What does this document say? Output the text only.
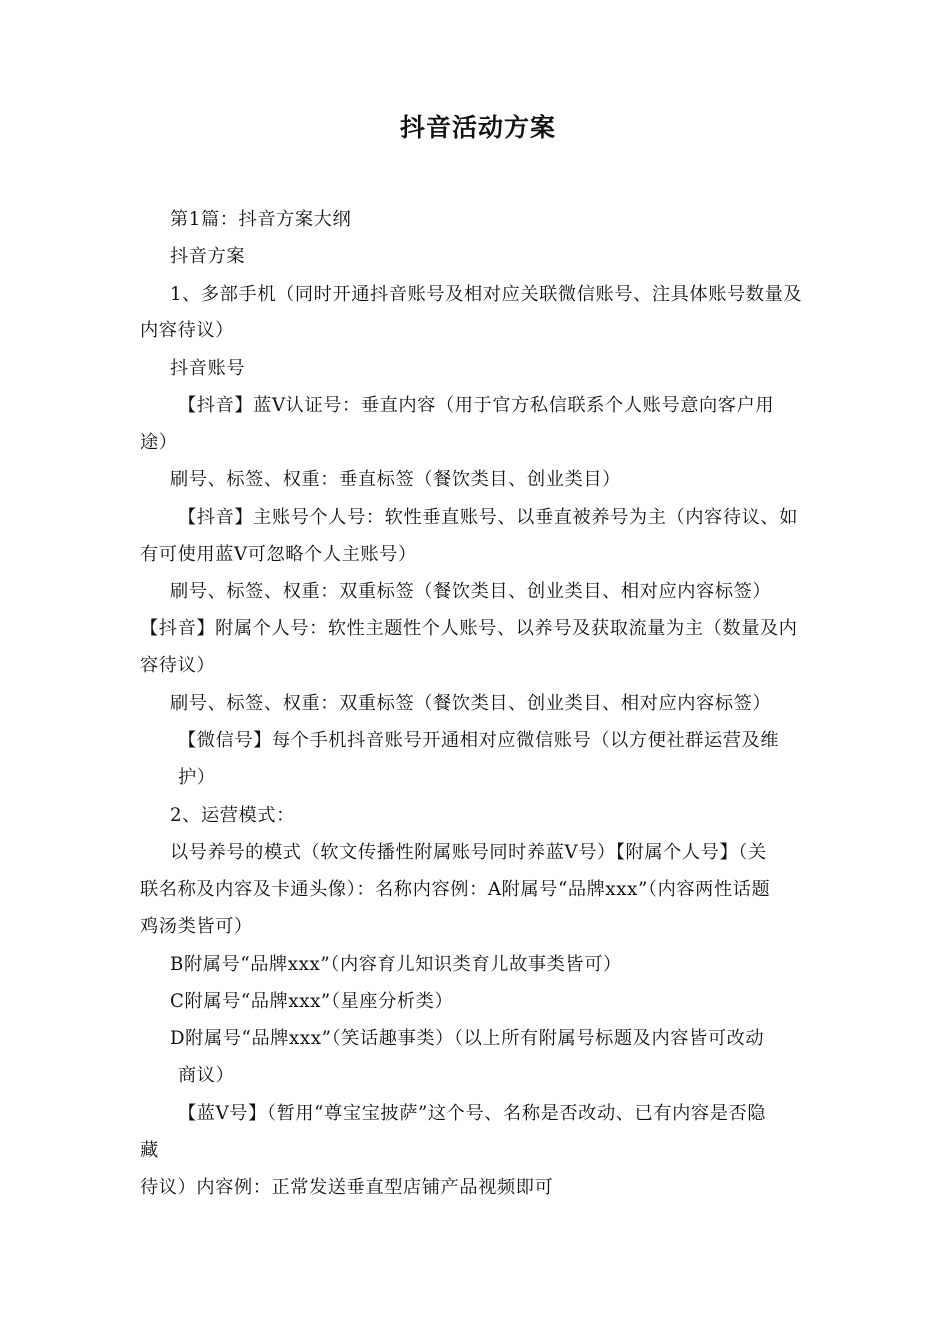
抖音活动方案
第1篇：抖音方案大纲
抖音方案
1、多部手机（同时开通抖音账号及相对应关联微信账号、注具体账号数量及
内容待议）
抖音账号
【抖音】蓝V认证号：垂直内容（用于官方私信联系个人账号意向客户用
途）
刷号、标签、权重：垂直标签（餐饮类目、创业类目）
【抖音】主账号个人号：软性垂直账号、以垂直被养号为主（内容待议、如
有可使用蓝V可忽略个人主账号）
刷号、标签、权重：双重标签（餐饮类目、创业类目、相对应内容标签）
【抖音】附属个人号：软性主题性个人账号、以养号及获取流量为主（数量及内
容待议）
刷号、标签、权重：双重标签（餐饮类目、创业类目、相对应内容标签）
【微信号】每个手机抖音账号开通相对应微信账号（以方便社群运营及维
护）
2、运营模式：
以号养号的模式（软文传播性附属账号同时养蓝V号）【附属个人号】（关
联名称及内容及卡通头像）：名称内容例：A附属号“品牌xxx”（内容两性话题
鸡汤类皆可）
B附属号“品牌xxx”（内容育儿知识类育儿故事类皆可）
C附属号“品牌xxx”（星座分析类）
D附属号“品牌xxx”（笑话趣事类）（以上所有附属号标题及内容皆可改动
商议）
【蓝V号】（暂用“尊宝宝披萨”这个号、名称是否改动、已有内容是否隐
藏
待议）内容例：正常发送垂直型店铺产品视频即可
